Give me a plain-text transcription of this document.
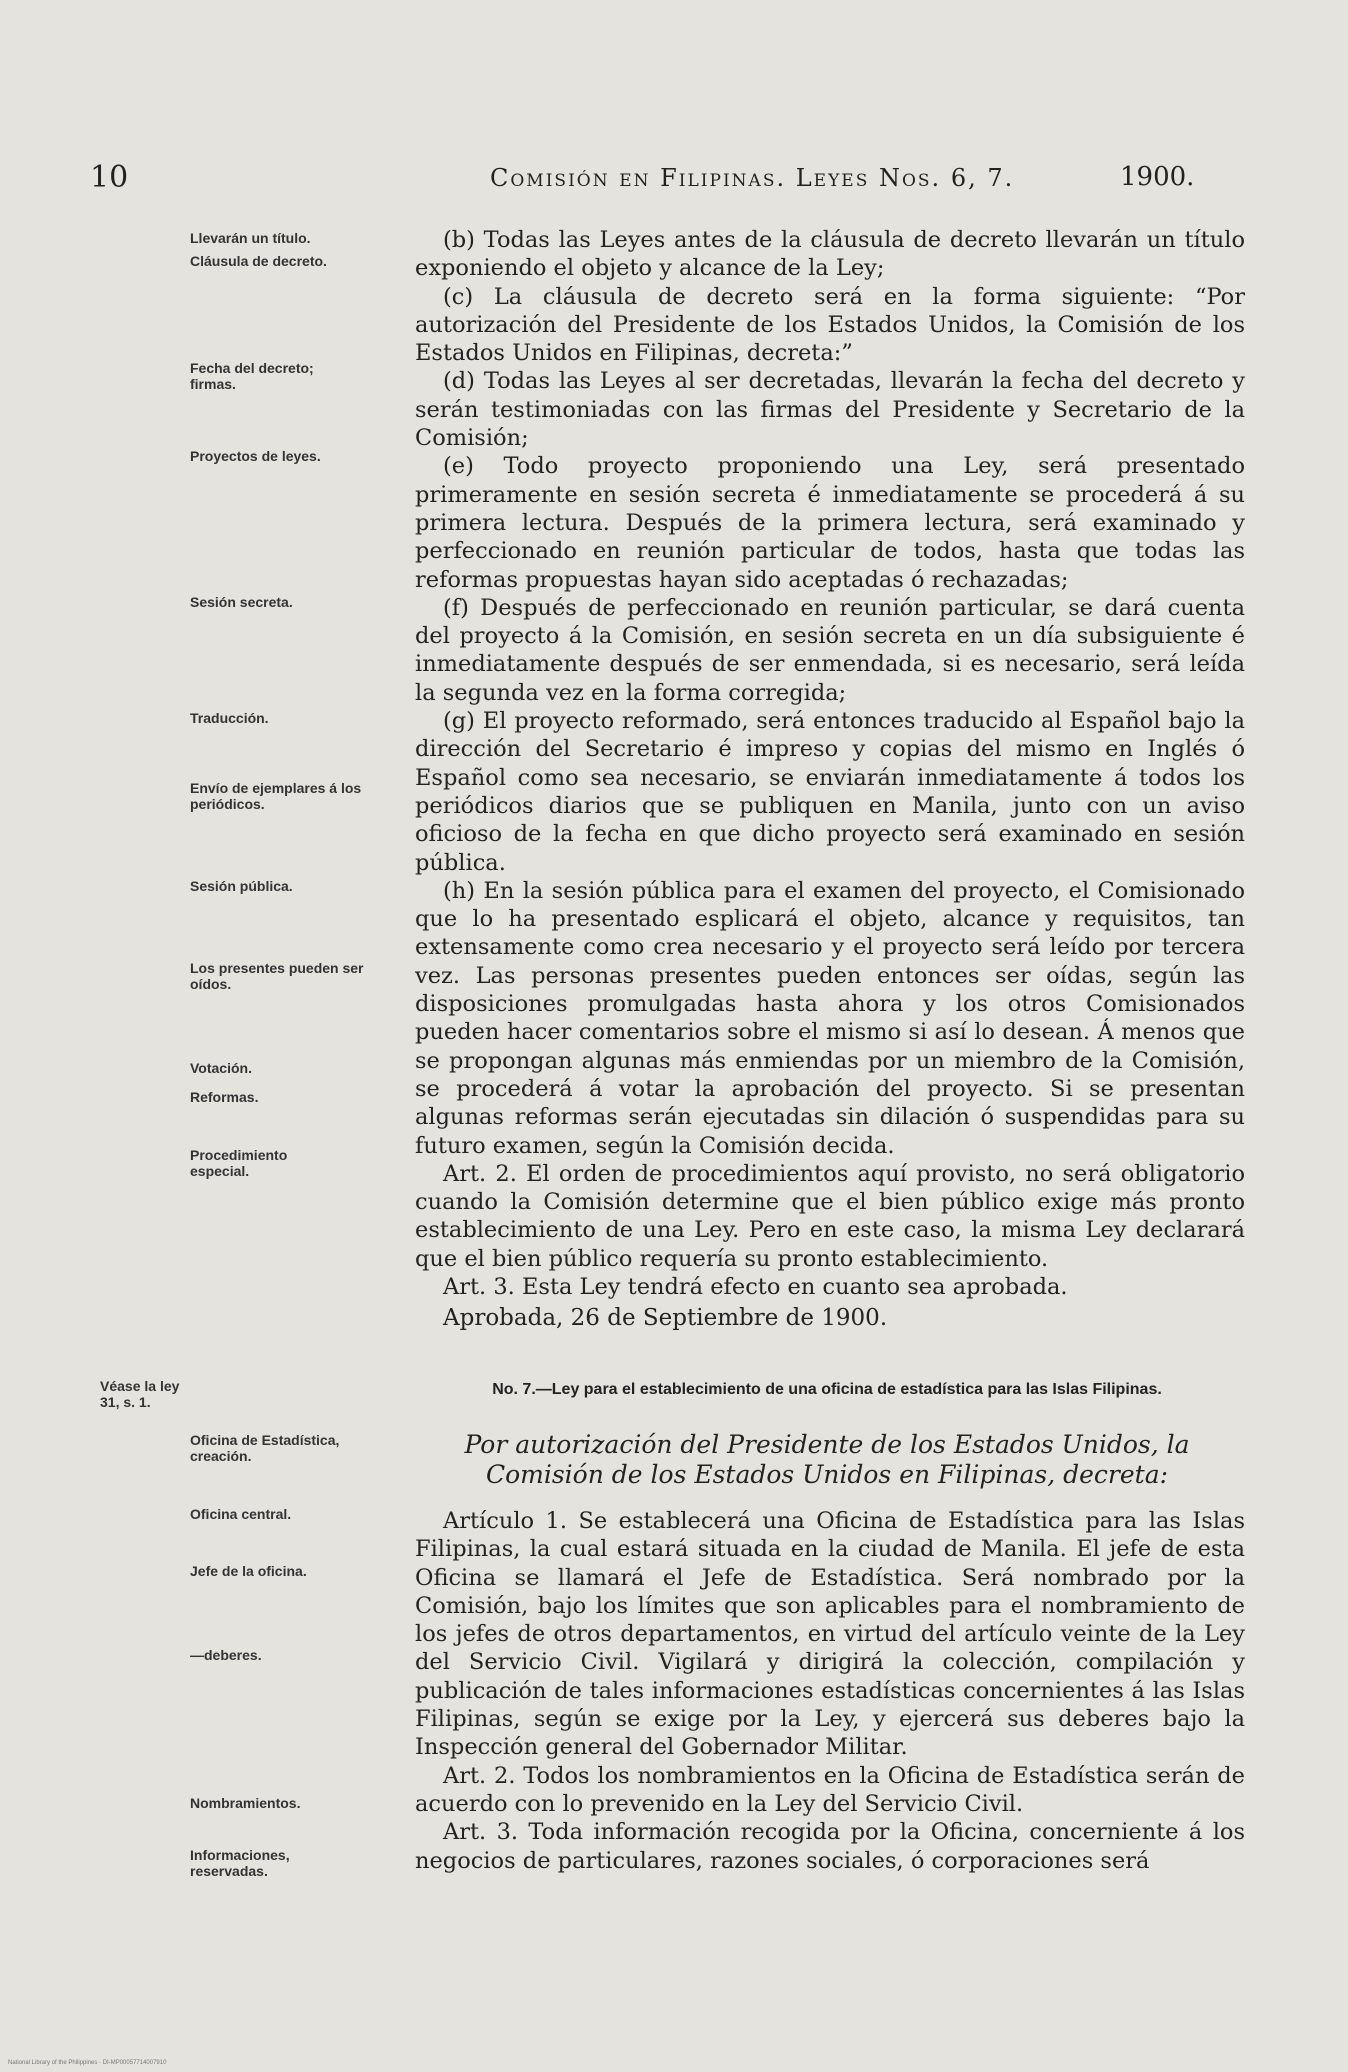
10	Comisión en Filipinas. Leyes Nos. 6, 7.	1900.
Llevarán un título.
Cláusula de decreto.
Fecha del decreto; firmas.
Proyectos de leyes.
Sesión secreta.
Traducción.
Envío de ejemplares á los periódicos.
Sesión pública.
Los presentes pueden ser oídos.
Votación.
Reformas.
Procedimiento especial.
Véase la ley 31, s. 1.
Oficina de Estadística, creación.
Oficina central.
Jefe de la oficina.
—deberes.
Nombramientos.
Informaciones, reservadas.

(b) Todas las Leyes antes de la cláusula de decreto llevarán un título exponiendo el objeto y alcance de la Ley;

(c) La cláusula de decreto será en la forma siguiente: “Por autorización del Presidente de los Estados Unidos, la Comisión de los Estados Unidos en Filipinas, decreta:”

(d) Todas las Leyes al ser decretadas, llevarán la fecha del decreto y serán testimoniadas con las firmas del Presidente y Secretario de la Comisión;

(e) Todo proyecto proponiendo una Ley, será presentado primeramente en sesión secreta é inmediatamente se procederá á su primera lectura. Después de la primera lectura, será examinado y perfeccionado en reunión particular de todos, hasta que todas las reformas propuestas hayan sido aceptadas ó rechazadas;

(f) Después de perfeccionado en reunión particular, se dará cuenta del proyecto á la Comisión, en sesión secreta en un día subsiguiente é inmediatamente después de ser enmendada, si es necesario, será leída la segunda vez en la forma corregida;

(g) El proyecto reformado, será entonces traducido al Español bajo la dirección del Secretario é impreso y copias del mismo en Inglés ó Español como sea necesario, se enviarán inmediatamente á todos los periódicos diarios que se publiquen en Manila, junto con un aviso oficioso de la fecha en que dicho proyecto será examinado en sesión pública.

(h) En la sesión pública para el examen del proyecto, el Comisionado que lo ha presentado esplicará el objeto, alcance y requisitos, tan extensamente como crea necesario y el proyecto será leído por tercera vez. Las personas presentes pueden entonces ser oídas, según las disposiciones promulgadas hasta ahora y los otros Comisionados pueden hacer comentarios sobre el mismo si así lo desean. Á menos que se propongan algunas más enmiendas por un miembro de la Comisión, se procederá á votar la aprobación del proyecto. Si se presentan algunas reformas serán ejecutadas sin dilación ó suspendidas para su futuro examen, según la Comisión decida.

Art. 2. El orden de procedimientos aquí provisto, no será obligatorio cuando la Comisión determine que el bien público exige más pronto establecimiento de una Ley. Pero en este caso, la misma Ley declarará que el bien público requería su pronto establecimiento.

Art. 3. Esta Ley tendrá efecto en cuanto sea aprobada.

Aprobada, 26 de Septiembre de 1900.
No. 7.—Ley para el establecimiento de una oficina de estadística para las Islas Filipinas.
Por autorización del Presidente de los Estados Unidos, la Comisión de los Estados Unidos en Filipinas, decreta:

Artículo 1. Se establecerá una Oficina de Estadística para las Islas Filipinas, la cual estará situada en la ciudad de Manila. El jefe de esta Oficina se llamará el Jefe de Estadística. Será nombrado por la Comisión, bajo los límites que son aplicables para el nombramiento de los jefes de otros departamentos, en virtud del artículo veinte de la Ley del Servicio Civil. Vigilará y dirigirá la colección, compilación y publicación de tales informaciones estadísticas concernientes á las Islas Filipinas, según se exige por la Ley, y ejercerá sus deberes bajo la Inspección general del Gobernador Militar.

Art. 2. Todos los nombramientos en la Oficina de Estadística serán de acuerdo con lo prevenido en la Ley del Servicio Civil.

Art. 3. Toda información recogida por la Oficina, concerniente á los negocios de particulares, razones sociales, ó corporaciones será

National Library of the Philippines · DI-MP00057714007910
